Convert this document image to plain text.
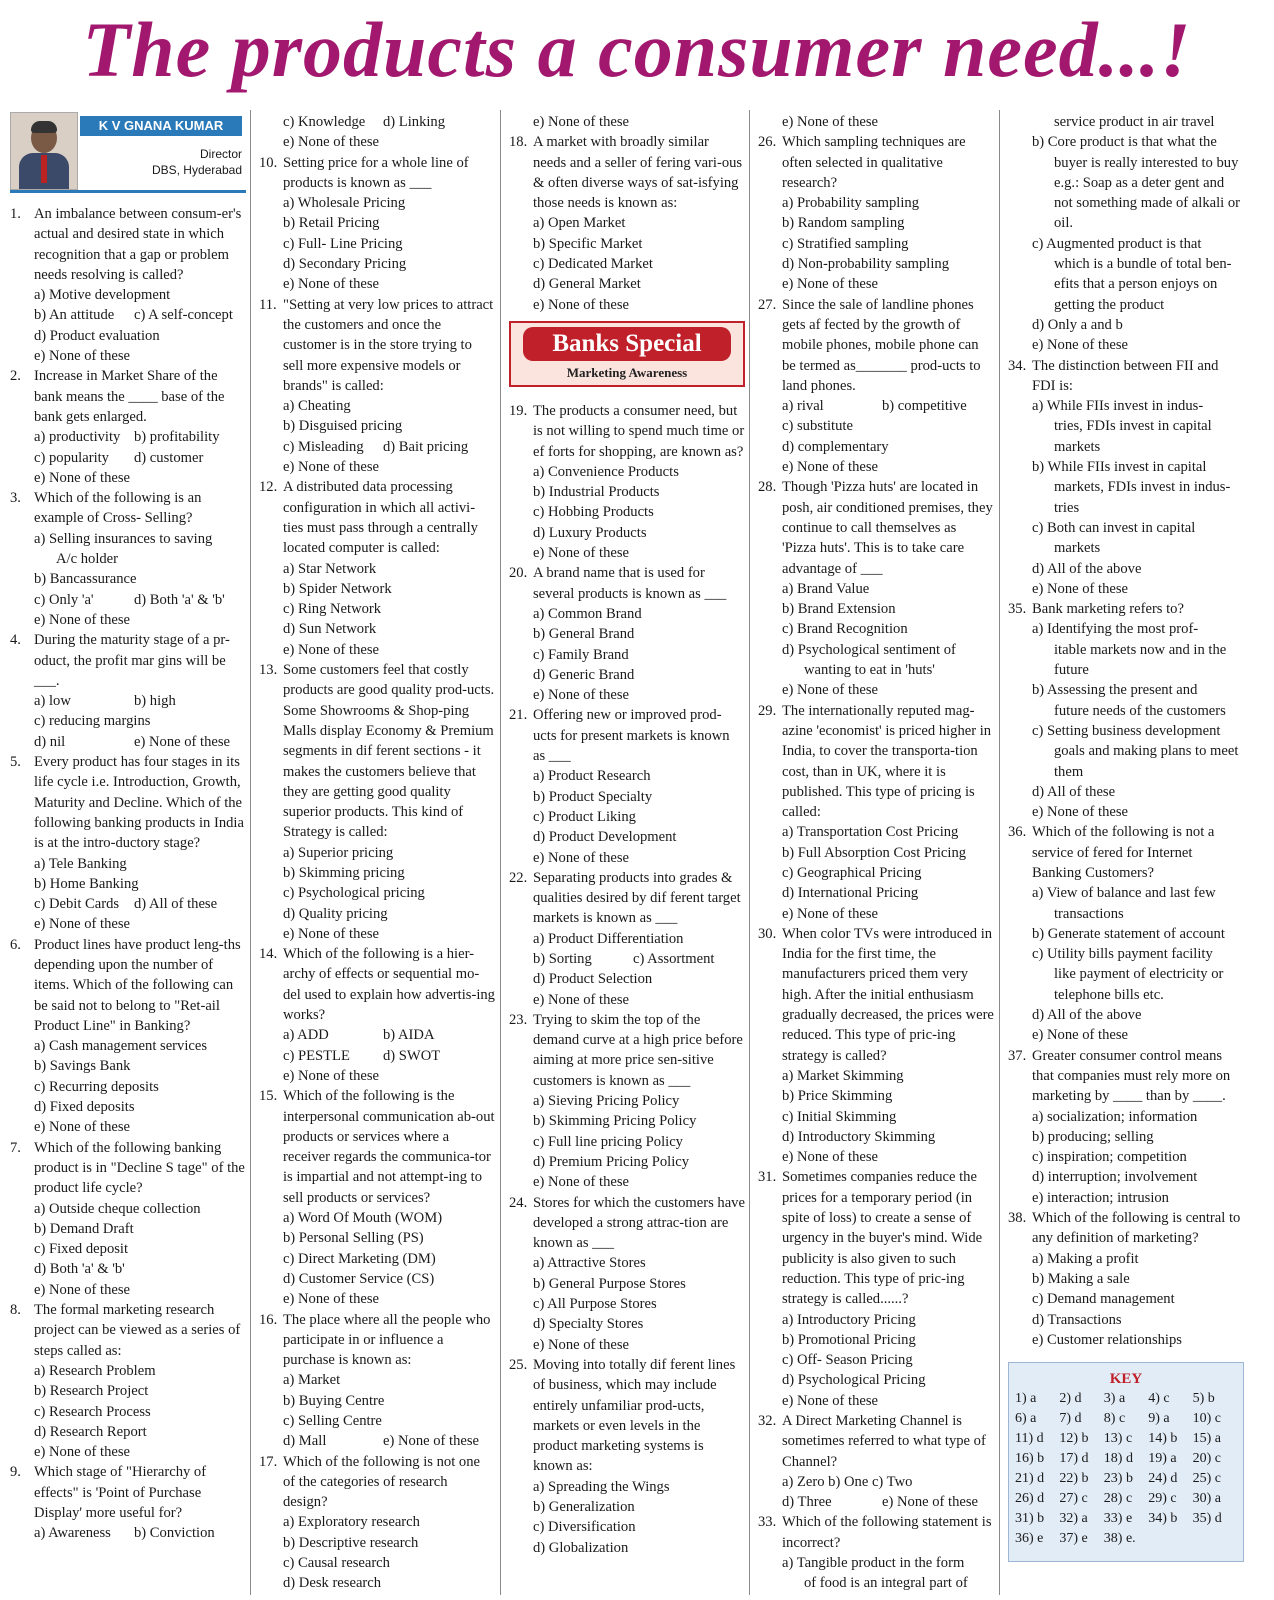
The products a consumer need...!
K V GNANA KUMAR
Director
DBS, Hyderabad
1. An imbalance between consum-er's actual and desired state in which recognition that a gap or problem needs resolving is called?
a) Motive development
b) An attitude	c) A self-concept
d) Product evaluation
e) None of these
2. Increase in Market Share of the bank means the ____ base of the bank gets enlarged.
a) productivity b) profitability
c) popularity	d) customer
e) None of these
3. Which of the following is an example of Cross- Selling?
a) Selling insurances to saving
A/c holder
b) Bancassurance
c) Only 'a'	d) Both 'a' & 'b'
e) None of these
4. During the maturity stage of a pr-oduct, the profit mar gins will be ___.
a) low	b) high
c) reducing margins
d) nil	e) None of these
5. Every product has four stages in its life cycle i.e. Introduction, Growth, Maturity and Decline. Which of the following banking products in India is at the intro-ductory stage?
a) Tele Banking
b) Home Banking
c) Debit Cards	d) All of these
e) None of these
6. Product lines have product leng-ths depending upon the number of items. Which of the following can be said not to belong to "Ret-ail Product Line" in Banking?
a) Cash management services
b) Savings Bank
c) Recurring deposits
d) Fixed deposits
e) None of these
7. Which of the following banking product is in "Decline S tage" of the product life cycle?
a) Outside cheque collection
b) Demand Draft
c) Fixed deposit
d) Both 'a' & 'b'
e) None of these
8. The formal marketing research project can be viewed as a series of steps called as:
a) Research Problem
b) Research Project
c) Research Process
d) Research Report
e) None of these
9. Which stage of "Hierarchy of effects" is 'Point of Purchase Display' more useful for?
a) Awareness	b) Conviction
c) Knowledge	d) Linking
e) None of these
10. Setting price for a whole line of products is known as ___
a) Wholesale Pricing
b) Retail Pricing
c) Full- Line Pricing
d) Secondary Pricing
e) None of these
11. "Setting at very low prices to attract the customers and once the customer is in the store trying to sell more expensive models or brands" is called:
a) Cheating
b) Disguised pricing
c) Misleading	d) Bait pricing
e) None of these
12. A distributed data processing configuration in which all activi-ties must pass through a centrally located computer is called:
a) Star Network
b) Spider Network
c) Ring Network
d) Sun Network
e) None of these
13. Some customers feel that costly products are good quality prod-ucts. Some Showrooms & Shop-ping Malls display Economy & Premium segments in dif ferent sections - it makes the customers believe that they are getting good quality superior products. This kind of Strategy is called:
a) Superior pricing
b) Skimming pricing
c) Psychological pricing
d) Quality pricing
e) None of these
14. Which of the following is a hier-archy of effects or sequential mo-del used to explain how advertis-ing works?
a) ADD	b) AIDA
c) PESTLE	d) SWOT
e) None of these
15. Which of the following is the interpersonal communication ab-out products or services where a receiver regards the communica-tor is impartial and not attempt-ing to sell products or services?
a) Word Of Mouth (WOM)
b) Personal Selling (PS)
c) Direct Marketing (DM)
d) Customer Service (CS)
e) None of these
16. The place where all the people who participate in or influence a purchase is known as:
a) Market
b) Buying Centre
c) Selling Centre
d) Mall	e) None of these
17. Which of the following is not one of the categories of research design?
a) Exploratory research
b) Descriptive research
c) Causal research
d) Desk research
e) None of these
18. A market with broadly similar needs and a seller of fering vari-ous & often diverse ways of sat-isfying those needs is known as:
a) Open Market
b) Specific Market
c) Dedicated Market
d) General Market
e) None of these
Banks Special
Marketing Awareness
19. The products a consumer need, but is not willing to spend much time or ef forts for shopping, are known as?
a) Convenience Products
b) Industrial Products
c) Hobbing Products
d) Luxury Products
e) None of these
20. A brand name that is used for several products is known as ___
a) Common Brand
b) General Brand
c) Family Brand
d) Generic Brand
e) None of these
21. Offering new or improved prod-ucts for present markets is known as ___
a) Product Research
b) Product Specialty
c) Product Liking
d) Product Development
e) None of these
22. Separating products into grades & qualities desired by dif ferent target markets is known as ___
a) Product Differentiation
b) Sorting	c) Assortment
d) Product Selection
e) None of these
23. Trying to skim the top of the demand curve at a high price before aiming at more price sen-sitive customers is known as ___
a) Sieving Pricing Policy
b) Skimming Pricing Policy
c) Full line pricing Policy
d) Premium Pricing Policy
e) None of these
24. Stores for which the customers have developed a strong attrac-tion are known as ___
a) Attractive Stores
b) General Purpose Stores
c) All Purpose Stores
d) Specialty Stores
e) None of these
25. Moving into totally dif ferent lines of business, which may include entirely unfamiliar prod-ucts, markets or even levels in the product marketing systems is known as:
a) Spreading the Wings
b) Generalization
c) Diversification
d) Globalization
e) None of these
26. Which sampling techniques are often selected in qualitative research?
a) Probability sampling
b) Random sampling
c) Stratified sampling
d) Non-probability sampling
e) None of these
27. Since the sale of landline phones gets af fected by the growth of mobile phones, mobile phone can be termed as_______ prod-ucts to land phones.
a) rival	b) competitive
c) substitute
d) complementary
e) None of these
28. Though 'Pizza huts' are located in posh, air conditioned premises, they continue to call themselves as 'Pizza huts'. This is to take care advantage of ___
a) Brand Value
b) Brand Extension
c) Brand Recognition
d) Psychological sentiment of
wanting to eat in 'huts'
e) None of these
29. The internationally reputed mag-azine 'economist' is priced higher in India, to cover the transporta-tion cost, than in UK, where it is published. This type of pricing is called:
a) Transportation Cost Pricing
b) Full Absorption Cost Pricing
c) Geographical Pricing
d) International Pricing
e) None of these
30. When color TVs were introduced in India for the first time, the manufacturers priced them very high. After the initial enthusiasm gradually decreased, the prices were reduced. This type of pric-ing strategy is called?
a) Market Skimming
b) Price Skimming
c) Initial Skimming
d) Introductory Skimming
e) None of these
31. Sometimes companies reduce the prices for a temporary period (in spite of loss) to create a sense of urgency in the buyer's mind. Wide publicity is also given to such reduction. This type of pric-ing strategy is called......?
a) Introductory Pricing
b) Promotional Pricing
c) Off- Season Pricing
d) Psychological Pricing
e) None of these
32. A Direct Marketing Channel is sometimes referred to what type of Channel?
a) Zero b) One c) Two
d) Three	e) None of these
33. Which of the following statement is incorrect?
a) Tangible product in the form
of food is an integral part of
service product in air travel
b) Core product is that what the
buyer is really interested to buy e.g.: Soap as a deter gent and not something made of alkali or oil.
c) Augmented product is that
which is a bundle of total ben-efits that a person enjoys on getting the product
d) Only a and b
e) None of these
34. The distinction between FII and FDI is:
a) While FIIs invest in indus-
tries, FDIs invest in capital markets
b) While FIIs invest in capital
markets, FDIs invest in indus-tries
c) Both can invest in capital
markets
d) All of the above
e) None of these
35. Bank marketing refers to?
a) Identifying the most prof-
itable markets now and in the future
b) Assessing the present and
future needs of the customers
c) Setting business development
goals and making plans to meet them
d) All of these
e) None of these
36. Which of the following is not a service of fered for Internet Banking Customers?
a) View of balance and last few
transactions
b) Generate statement of account
c) Utility bills payment facility
like payment of electricity or telephone bills etc.
d) All of the above
e) None of these
37. Greater consumer control means that companies must rely more on marketing by ____ than by ____.
a) socialization; information
b) producing; selling
c) inspiration; competition
d) interruption; involvement
e) interaction; intrusion
38. Which of the following is central to any definition of marketing?
a) Making a profit
b) Making a sale
c) Demand management
d) Transactions
e) Customer relationships
KEY
1) a	2) d	3) a	4) c	5) b
6) a	7) d	8) c	9) a	10) c
11) d	12) b	13) c	14) b	15) a
16) b	17) d	18) d	19) a	20) c
21) d	22) b	23) b	24) d	25) c
26) d	27) c	28) c	29) c	30) a
31) b	32) a	33) e	34) b	35) d
36) e	37) e	38) e.
